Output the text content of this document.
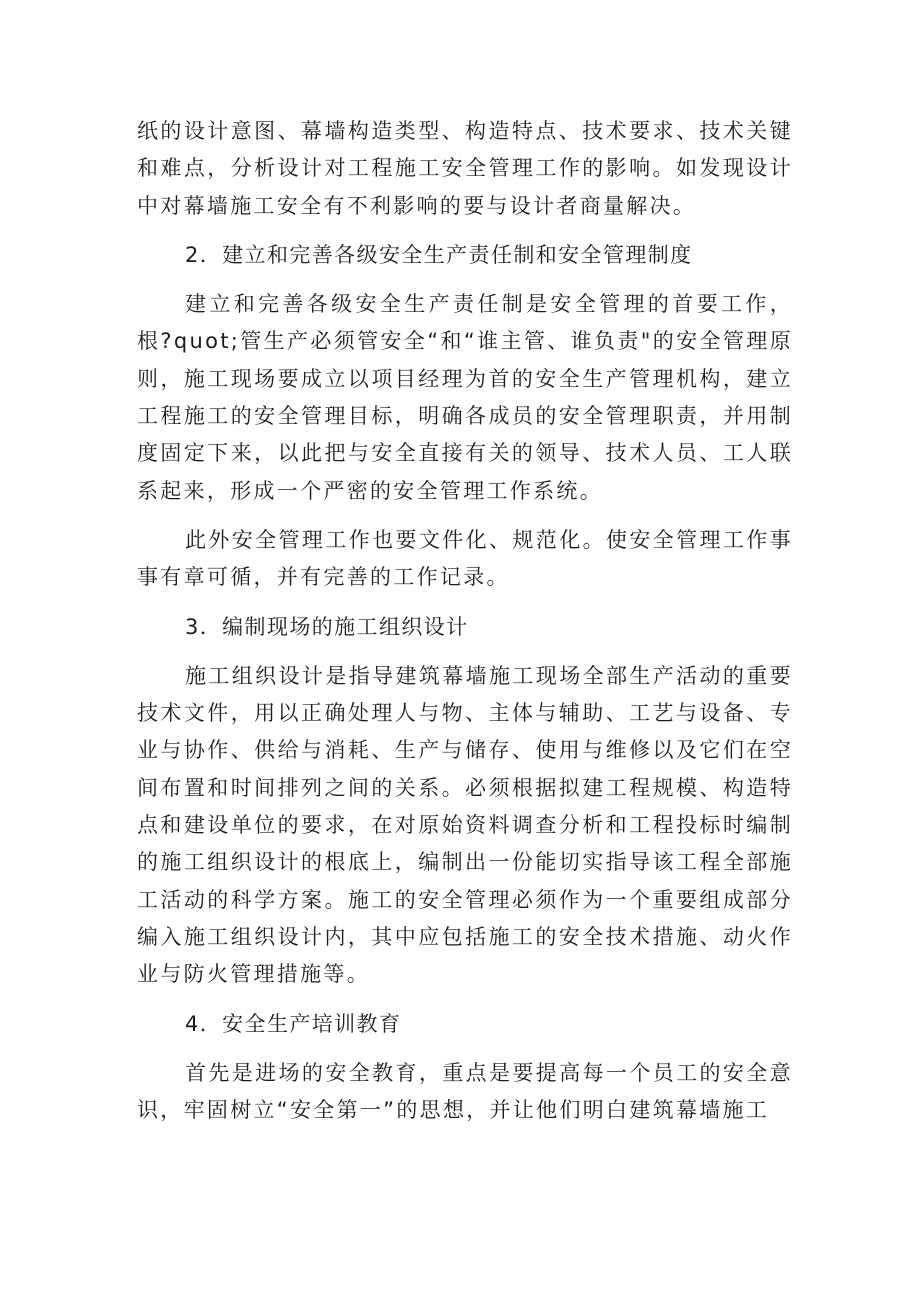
纸的设计意图、幕墙构造类型、构造特点、技术要求、技术关键和难点，分析设计对工程施工安全管理工作的影响。如发现设计中对幕墙施工安全有不利影响的要与设计者商量解决。

2．建立和完善各级安全生产责任制和安全管理制度

建立和完善各级安全生产责任制是安全管理的首要工作，根?quot;管生产必须管安全“和“谁主管、谁负责"的安全管理原则，施工现场要成立以项目经理为首的安全生产管理机构，建立工程施工的安全管理目标，明确各成员的安全管理职责，并用制度固定下来，以此把与安全直接有关的领导、技术人员、工人联系起来，形成一个严密的安全管理工作系统。

此外安全管理工作也要文件化、规范化。使安全管理工作事事有章可循，并有完善的工作记录。

3．编制现场的施工组织设计

施工组织设计是指导建筑幕墙施工现场全部生产活动的重要技术文件，用以正确处理人与物、主体与辅助、工艺与设备、专业与协作、供给与消耗、生产与储存、使用与维修以及它们在空间布置和时间排列之间的关系。必须根据拟建工程规模、构造特点和建设单位的要求，在对原始资料调查分析和工程投标时编制的施工组织设计的根底上，编制出一份能切实指导该工程全部施工活动的科学方案。施工的安全管理必须作为一个重要组成部分编入施工组织设计内，其中应包括施工的安全技术措施、动火作业与防火管理措施等。

4．安全生产培训教育

首先是进场的安全教育，重点是要提高每一个员工的安全意识，牢固树立“安全第一”的思想，并让他们明白建筑幕墙施工
